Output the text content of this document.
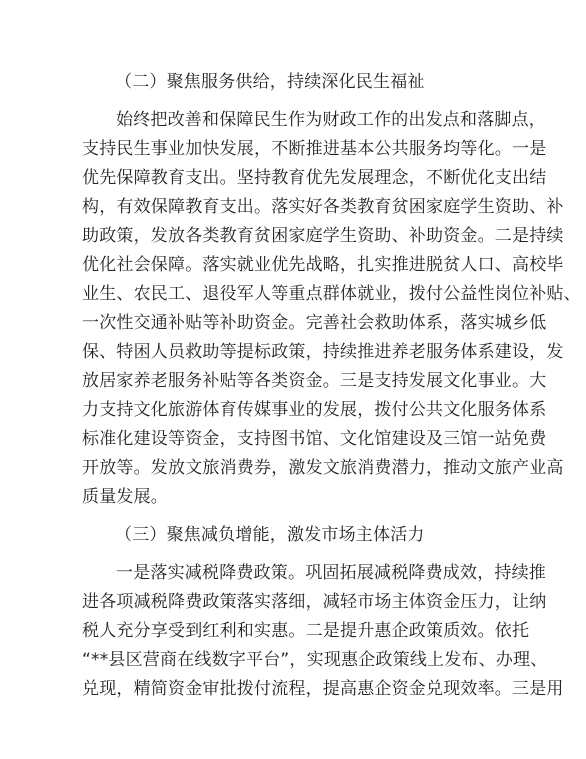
（二）聚焦服务供给，持续深化民生福祉
始终把改善和保障民生作为财政工作的出发点和落脚点，
支持民生事业加快发展，不断推进基本公共服务均等化。一是
优先保障教育支出。坚持教育优先发展理念，不断优化支出结
构，有效保障教育支出。落实好各类教育贫困家庭学生资助、补
助政策，发放各类教育贫困家庭学生资助、补助资金。二是持续
优化社会保障。落实就业优先战略，扎实推进脱贫人口、高校毕
业生、农民工、退役军人等重点群体就业，拨付公益性岗位补贴、
一次性交通补贴等补助资金。完善社会救助体系，落实城乡低
保、特困人员救助等提标政策，持续推进养老服务体系建设，发
放居家养老服务补贴等各类资金。三是支持发展文化事业。大
力支持文化旅游体育传媒事业的发展，拨付公共文化服务体系
标准化建设等资金，支持图书馆、文化馆建设及三馆一站免费
开放等。发放文旅消费券，激发文旅消费潜力，推动文旅产业高
质量发展。
（三）聚焦减负增能，激发市场主体活力
一是落实减税降费政策。巩固拓展减税降费成效，持续推
进各项减税降费政策落实落细，减轻市场主体资金压力，让纳
税人充分享受到红利和实惠。二是提升惠企政策质效。依托
“**县区营商在线数字平台”，实现惠企政策线上发布、办理、
兑现，精简资金审批拨付流程，提高惠企资金兑现效率。三是用
